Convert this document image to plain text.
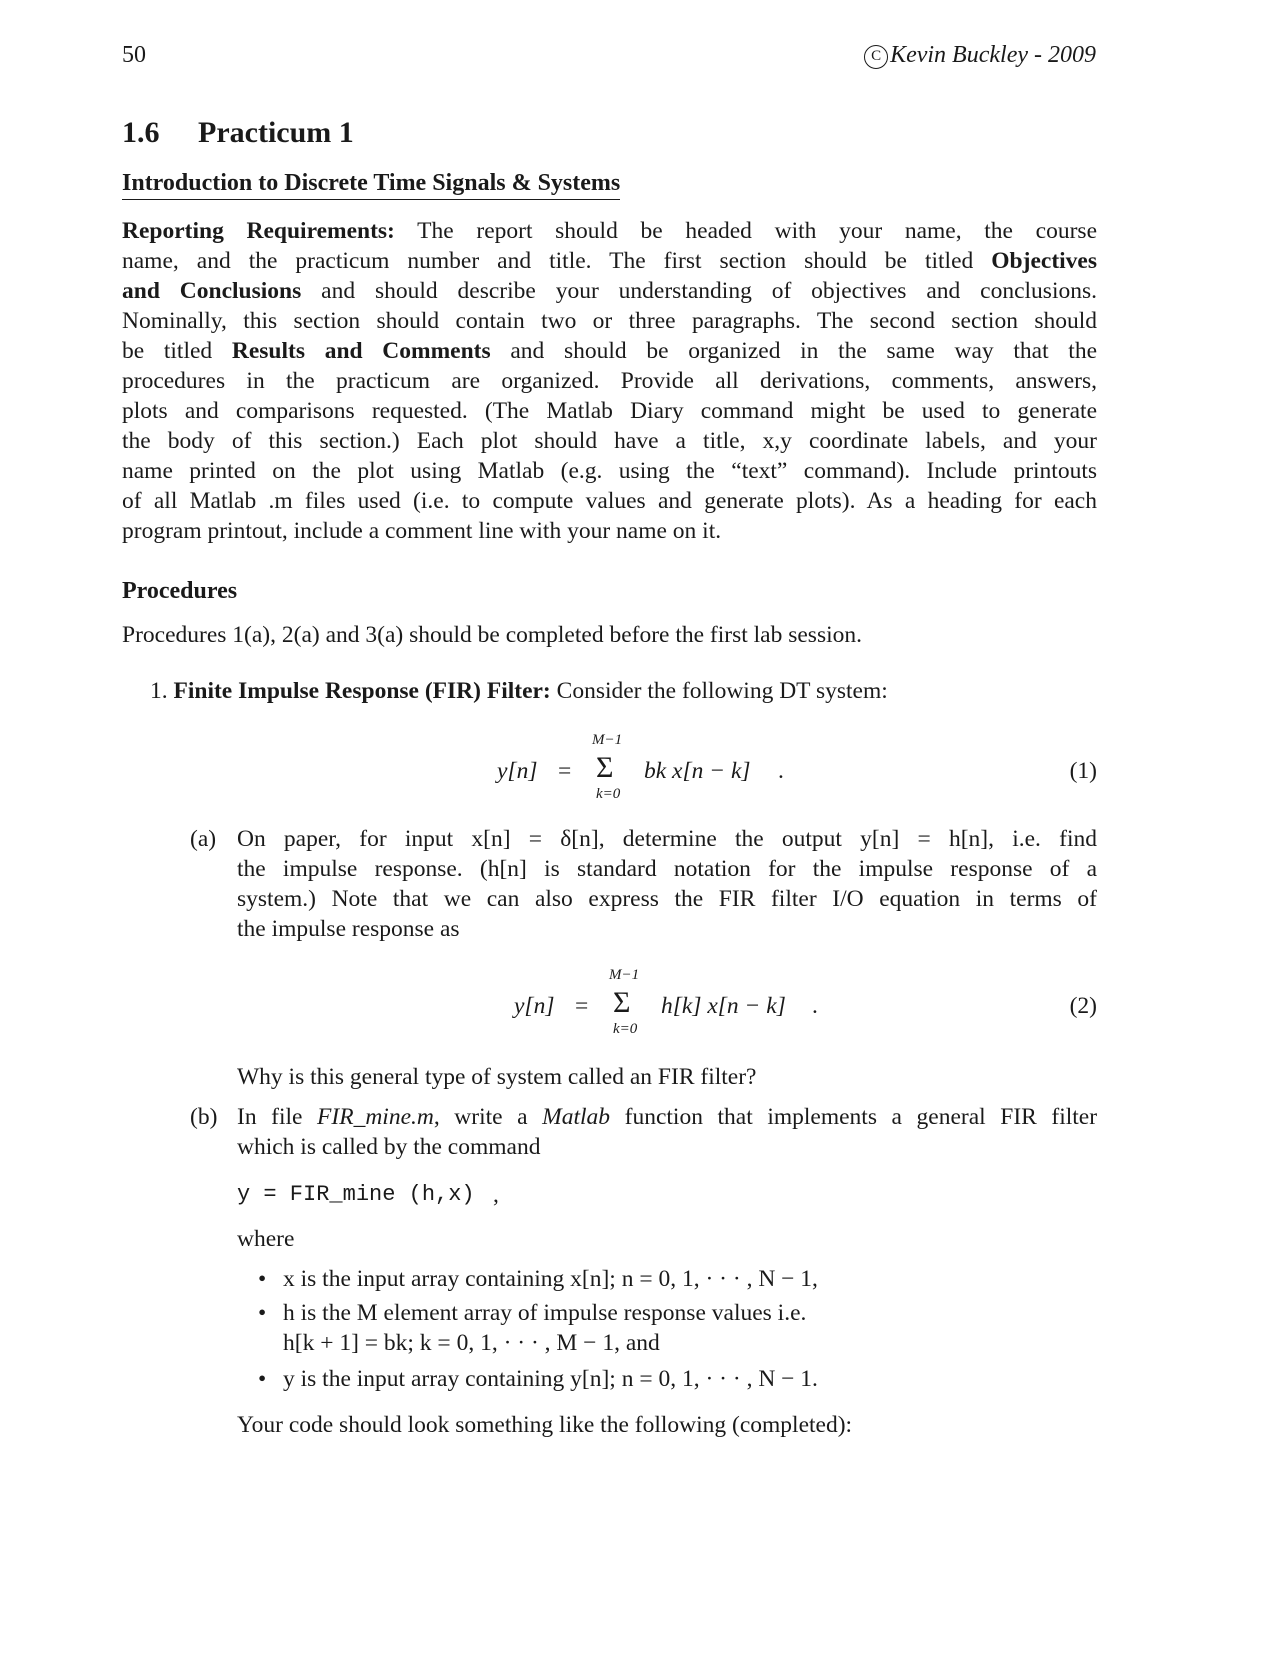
50	C Kevin Buckley - 2009
1.6 Practicum 1
Introduction to Discrete Time Signals & Systems
Reporting Requirements: The report should be headed with your name, the course
name, and the practicum number and title. The first section should be titled Objectives
and Conclusions and should describe your understanding of objectives and conclusions.
Nominally, this section should contain two or three paragraphs. The second section should
be titled Results and Comments and should be organized in the same way that the
procedures in the practicum are organized. Provide all derivations, comments, answers,
plots and comparisons requested. (The Matlab Diary command might be used to generate
the body of this section.) Each plot should have a title, x,y coordinate labels, and your
name printed on the plot using Matlab (e.g. using the “text” command). Include printouts
of all Matlab .m files used (i.e. to compute values and generate plots). As a heading for each
program printout, include a comment line with your name on it.
Procedures
Procedures 1(a), 2(a) and 3(a) should be completed before the first lab session.
1. Finite Impulse Response (FIR) Filter: Consider the following DT system:
y[n] =
M−1
Σ
k=0
bk x[n − k] .	(1)
(a) On paper, for input x[n] = δ[n], determine the output y[n] = h[n], i.e. find
the impulse response. (h[n] is standard notation for the impulse response of a
system.) Note that we can also express the FIR filter I/O equation in terms of
the impulse response as
y[n] =
M−1
Σ
k=0
h[k] x[n − k] .	(2)
Why is this general type of system called an FIR filter?
(b) In file FIR_mine.m, write a Matlab function that implements a general FIR filter
which is called by the command
y = FIR_mine (h,x) ,
where
• x is the input array containing x[n]; n = 0, 1, · · · , N − 1,
• h is the M element array of impulse response values i.e.
h[k + 1] = bk; k = 0, 1, · · · , M − 1, and
• y is the input array containing y[n]; n = 0, 1, · · · , N − 1.
Your code should look something like the following (completed):
